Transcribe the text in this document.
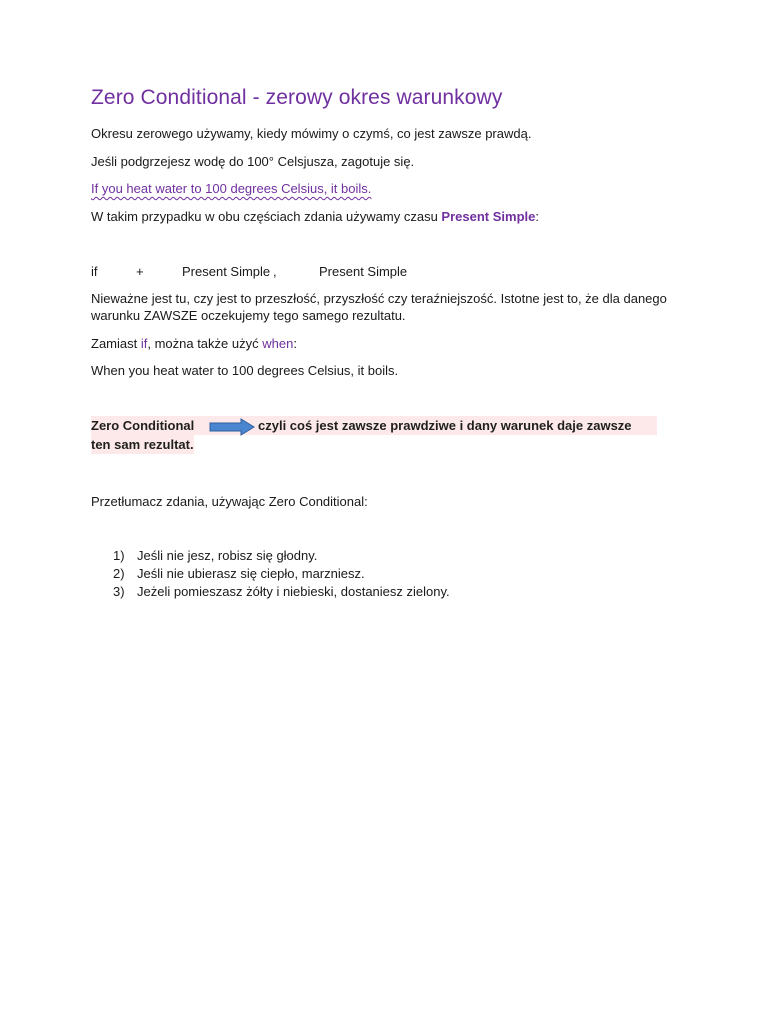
Zero Conditional - zerowy okres warunkowy
Okresu zerowego używamy, kiedy mówimy o czymś, co jest zawsze prawdą.
Jeśli podgrzejesz wodę do 100° Celsjusza, zagotuje się.
If you heat water to 100 degrees Celsius, it boils.
W takim przypadku w obu częściach zdania używamy czasu Present Simple:
if	+	Present Simple ,	Present Simple
Nieważne jest tu, czy jest to przeszłość, przyszłość czy teraźniejszość. Istotne jest to, że dla danego
warunku ZAWSZE oczekujemy tego samego rezultatu.
Zamiast if, można także użyć when:
When you heat water to 100 degrees Celsius, it boils.
Zero Conditional	czyli coś jest zawsze prawdziwe i dany warunek daje zawsze
ten sam rezultat.
Przetłumacz zdania, używając Zero Conditional:
1) Jeśli nie jesz, robisz się głodny.
2) Jeśli nie ubierasz się ciepło, marzniesz.
3) Jeżeli pomieszasz żółty i niebieski, dostaniesz zielony.
